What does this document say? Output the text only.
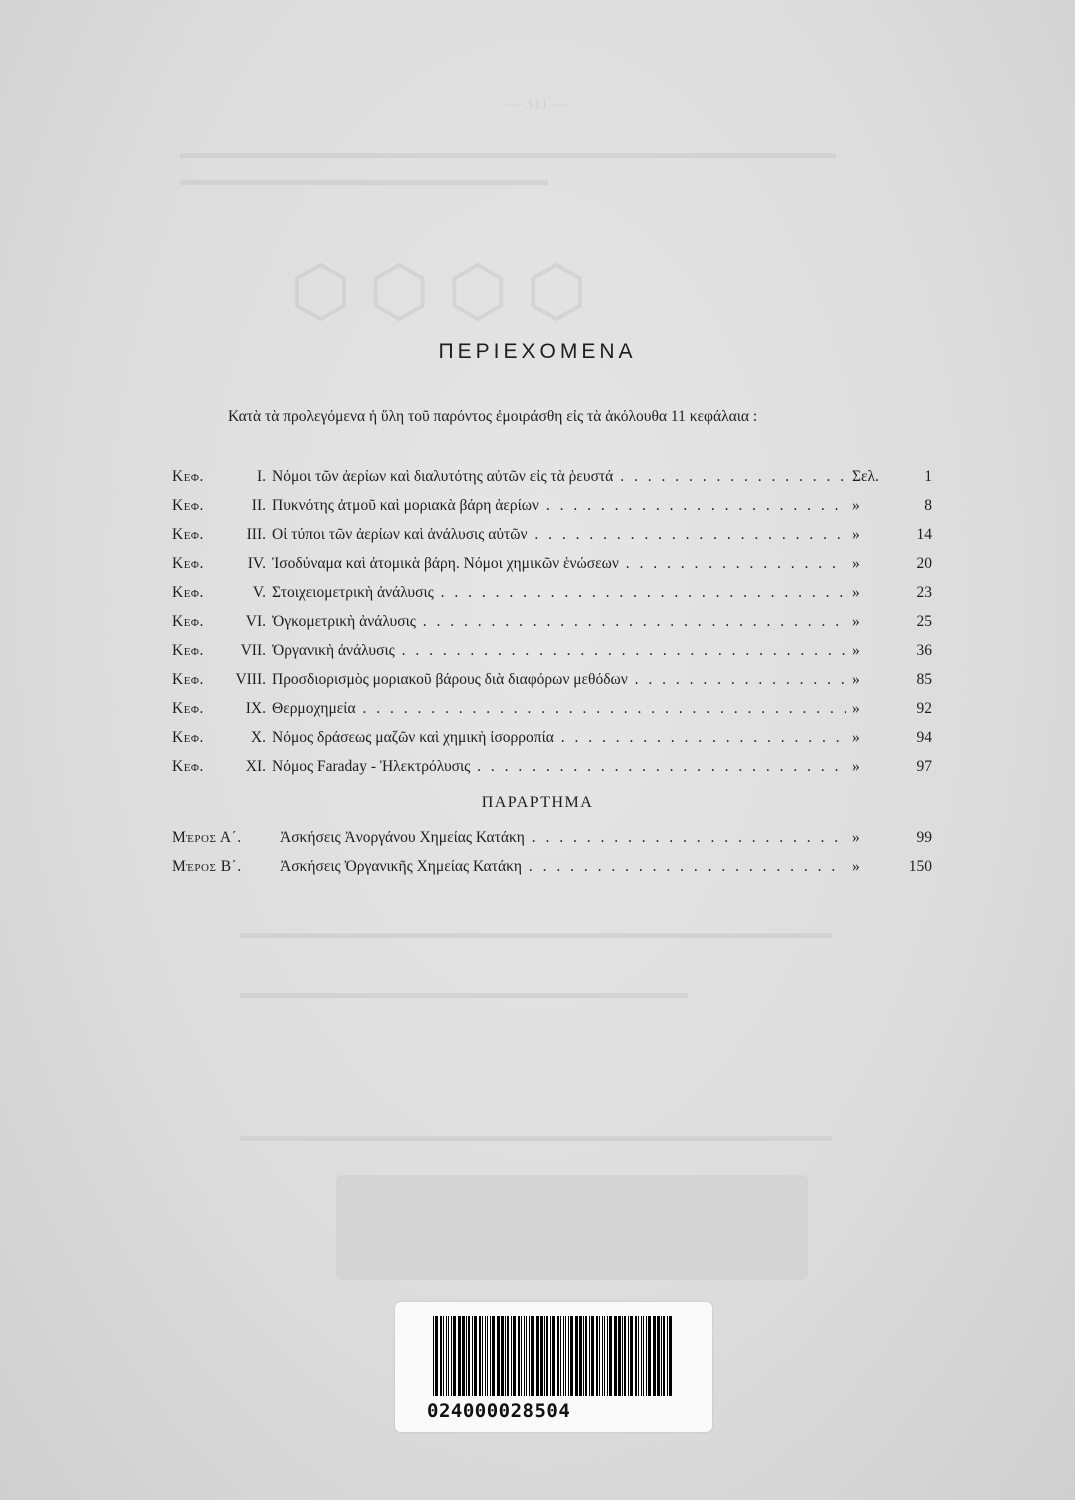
— 311 —
▬▬▬▬▬▬▬▬▬▬▬▬▬▬▬▬▬▬▬▬▬▬▬▬▬▬▬▬▬▬▬▬▬▬▬▬▬▬▬▬▬
▬▬▬▬▬▬▬▬▬▬▬▬▬▬▬▬▬▬▬▬▬▬▬
⬡ ⬡ ⬡ ⬡
▬▬▬▬▬▬▬▬▬▬▬▬▬▬▬▬▬▬▬▬▬▬▬▬▬▬▬▬▬▬▬▬▬▬▬▬▬
▬▬▬▬▬▬▬▬▬▬▬▬▬▬▬▬▬▬▬▬▬▬▬▬▬▬▬▬
▬▬▬▬▬▬▬▬▬▬▬▬▬▬▬▬▬▬▬▬▬▬▬▬▬▬▬▬▬▬▬▬▬▬▬▬▬
ΠΕΡΙΕΧΟΜΕΝΑ
Κατὰ τὰ προλεγόμενα ἡ ὕλη τοῦ παρόντος ἐμοιράσθη εἰς τὰ ἀκόλουθα 11 κεφάλαια :
Κεφ.	I. Νόμοι τῶν ἀερίων καὶ διαλυτότης αὐτῶν εἰς τὰ ῥευστά . . .	Σελ.	1
Κεφ.	II. Πυκνότης ἀτμοῦ καὶ μοριακὰ βάρη ἀερίων . . .	»	8
Κεφ.	III. Οἱ τύποι τῶν ἀερίων καὶ ἀνάλυσις αὐτῶν . . .	»	14
Κεφ.	IV. Ἰσοδύναμα καὶ ἀτομικὰ βάρη. Νόμοι χημικῶν ἑνώσεων . . .	»	20
Κεφ.	V. Στοιχειομετρικὴ ἀνάλυσις . . .	»	23
Κεφ.	VI. Ὀγκομετρικὴ ἀνάλυσις . . .	»	25
Κεφ.	VII. Ὀργανικὴ ἀνάλυσις . . .	»	36
Κεφ.	VIII. Προσδιορισμὸς μοριακοῦ βάρους διὰ διαφόρων μεθόδων . . .	»	85
Κεφ.	IX. Θερμοχημεία . . .	»	92
Κεφ.	X. Νόμος δράσεως μαζῶν καὶ χημικὴ ἰσορροπία . . .	»	94
Κεφ.	XI. Νόμος Faraday - Ἠλεκτρόλυσις . . .	»	97
ΠΑΡΑΡΤΗΜΑ
Μέρος Α΄.	Ἀσκήσεις Ἀνοργάνου Χημείας Κατάκη . . .	»	99
Μέρος Β΄.	Ἀσκήσεις Ὀργανικῆς Χημείας Κατάκη . . .	»	150
024000028504
